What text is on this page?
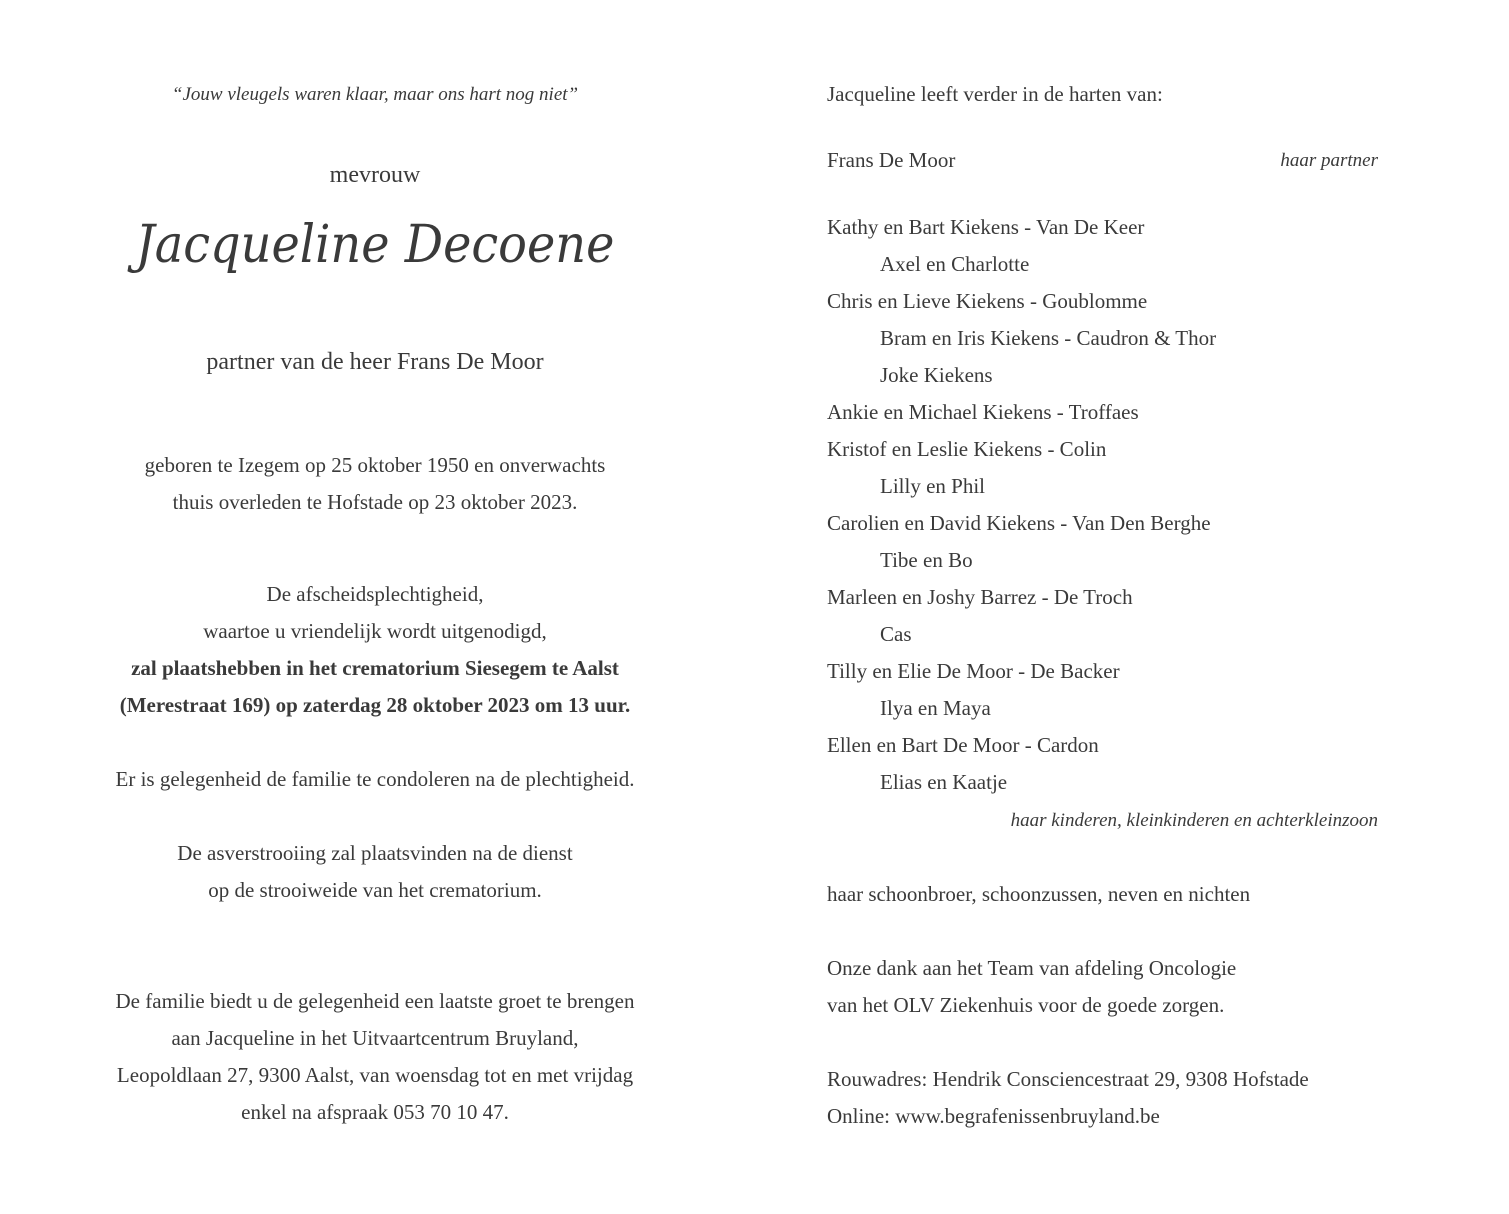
“Jouw vleugels waren klaar, maar ons hart nog niet”

mevrouw

Jacqueline Decoene

partner van de heer Frans De Moor

geboren te Izegem op 25 oktober 1950 en onverwachts

thuis overleden te Hofstade op 23 oktober 2023.

De afscheidsplechtigheid,

waartoe u vriendelijk wordt uitgenodigd,

zal plaatshebben in het crematorium Siesegem te Aalst

(Merestraat 169) op zaterdag 28 oktober 2023 om 13 uur.

Er is gelegenheid de familie te condoleren na de plechtigheid.

De asverstrooiing zal plaatsvinden na de dienst

op de strooiweide van het crematorium.

De familie biedt u de gelegenheid een laatste groet te brengen

aan Jacqueline in het Uitvaartcentrum Bruyland,

Leopoldlaan 27, 9300 Aalst, van woensdag tot en met vrijdag

enkel na afspraak 053 70 10 47.

Jacqueline leeft verder in de harten van:

Frans De Moor	haar partner

Kathy en Bart Kiekens - Van De Keer
Axel en Charlotte
Chris en Lieve Kiekens - Goublomme
Bram en Iris Kiekens - Caudron & Thor
Joke Kiekens
Ankie en Michael Kiekens - Troffaes
Kristof en Leslie Kiekens - Colin
Lilly en Phil
Carolien en David Kiekens - Van Den Berghe
Tibe en Bo
Marleen en Joshy Barrez - De Troch
Cas
Tilly en Elie De Moor - De Backer
Ilya en Maya
Ellen en Bart De Moor - Cardon
Elias en Kaatje

haar kinderen, kleinkinderen en achterkleinzoon

haar schoonbroer, schoonzussen, neven en nichten

Onze dank aan het Team van afdeling Oncologie

van het OLV Ziekenhuis voor de goede zorgen.

Rouwadres: Hendrik Consciencestraat 29, 9308 Hofstade

Online: www.begrafenissenbruyland.be
